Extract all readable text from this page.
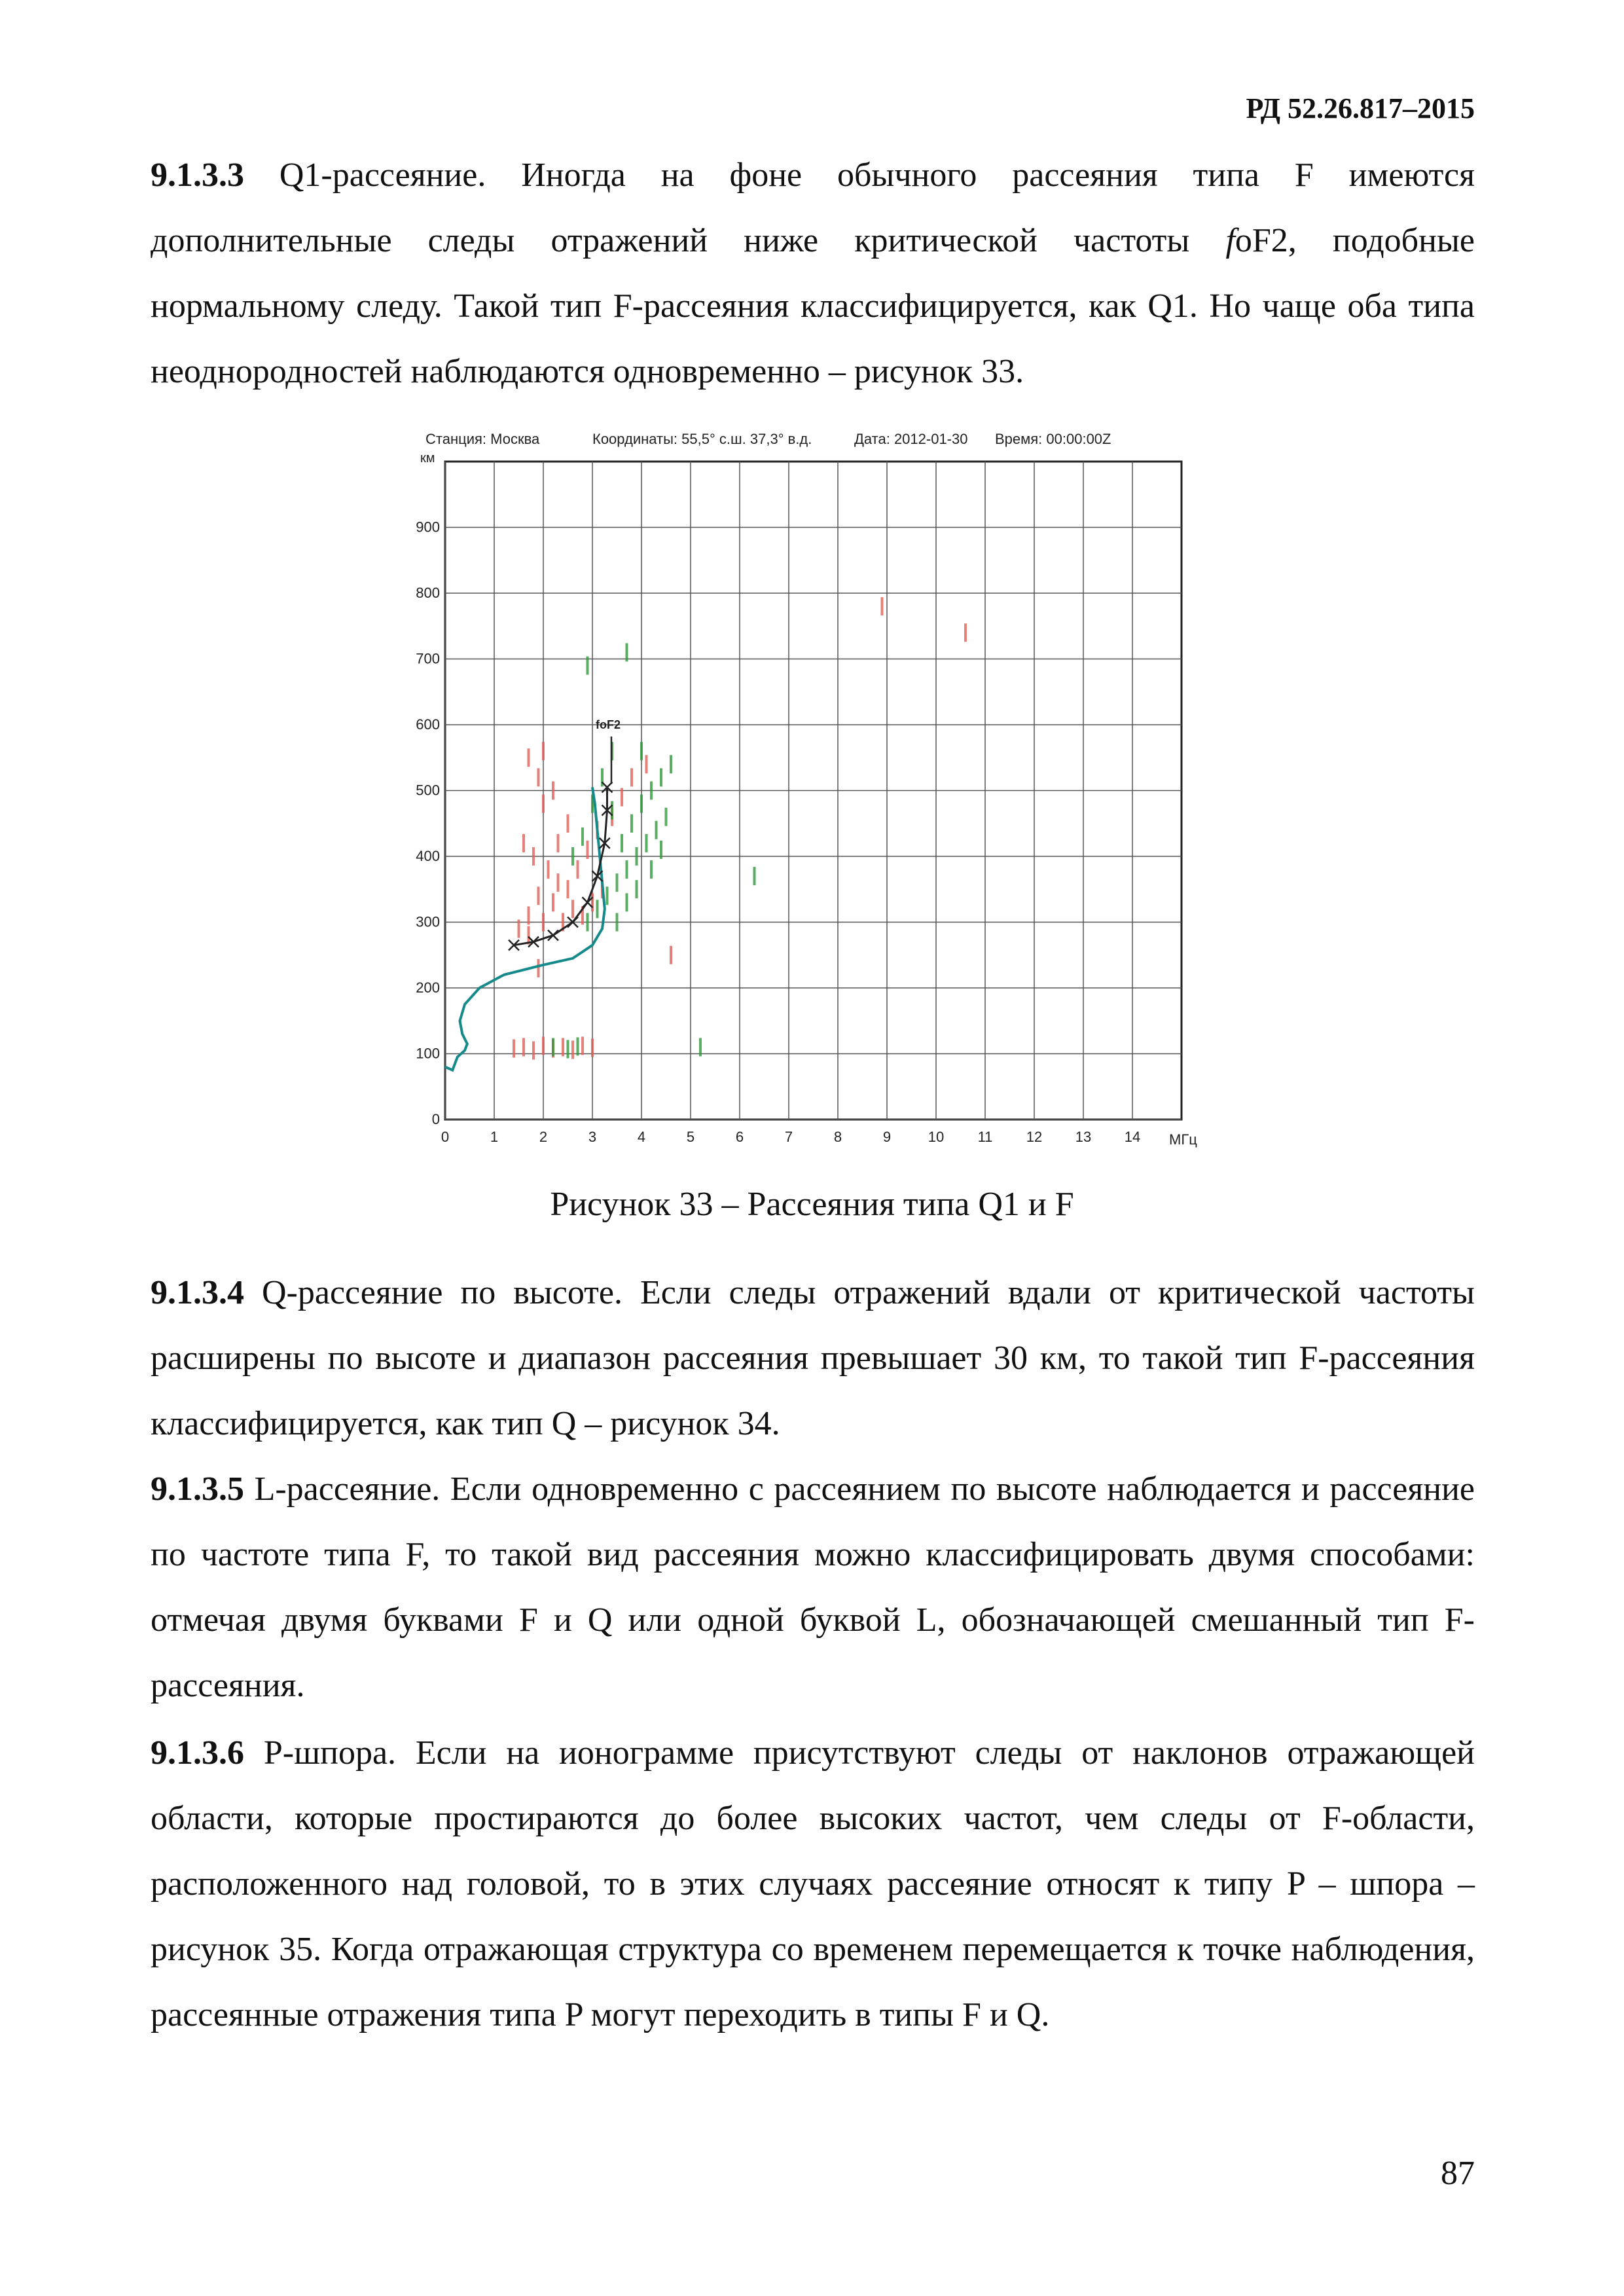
РД 52.26.817–2015

9.1.3.3 Q1-рассеяние. Иногда на фоне обычного рассеяния типа F имеются дополнительные следы отражений ниже критической частоты foF2, подобные нормальному следу. Такой тип F-рассеяния классифицируется, как Q1. Но чаще оба типа неоднородностей наблюдаются одновременно – рисунок 33.

0	1	2	3	4	5	6	7	8	9	10 11 12 13 14
0
100
200
300
400
500
600
700
800
900
Станция: Москва	Координаты: 55,5° с.ш. 37,3° в.д.	Дата: 2012-01-30 Время: 00:00:00Z
км
МГц
foF2
Рисунок 33 – Рассеяния типа Q1 и F

9.1.3.4 Q-рассеяние по высоте. Если следы отражений вдали от критической частоты расширены по высоте и диапазон рассеяния превышает 30 км, то такой тип F-рассеяния классифицируется, как тип Q – рисунок 34.

9.1.3.5 L-рассеяние. Если одновременно с рассеянием по высоте наблюдается и рассеяние по частоте типа F, то такой вид рассеяния можно классифицировать двумя способами: отмечая двумя буквами F и Q или одной буквой L, обозначающей смешанный тип F-рассеяния.

9.1.3.6 P-шпора. Если на ионограмме присутствуют следы от наклонов отражающей области, которые простираются до более высоких частот, чем следы от F-области, расположенного над головой, то в этих случаях рассеяние относят к типу P – шпора – рисунок 35. Когда отражающая структура со временем перемещается к точке наблюдения, рассеянные отражения типа P могут переходить в типы F и Q.

87
